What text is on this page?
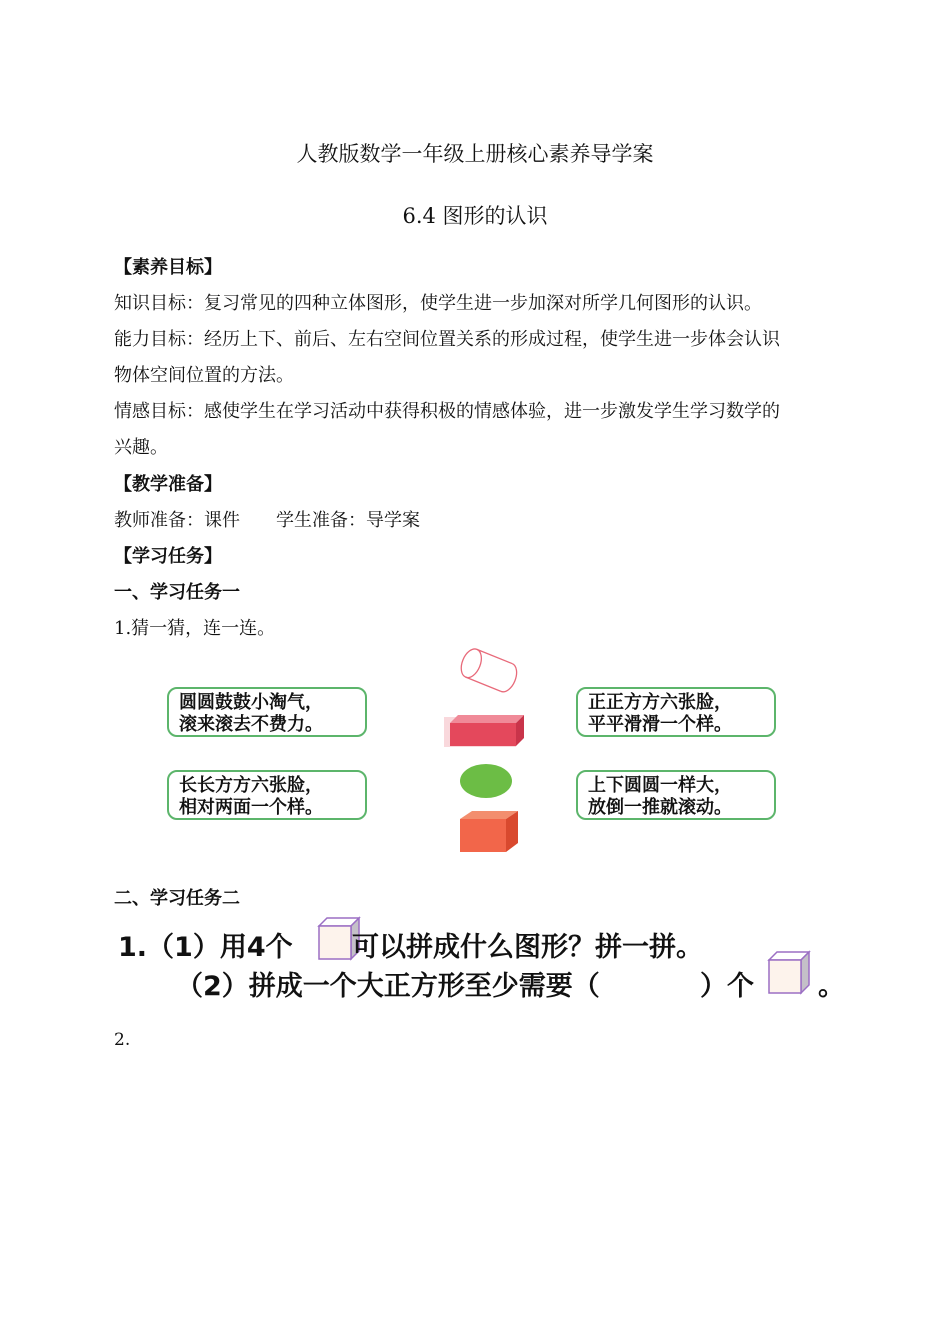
人教版数学一年级上册核心素养导学案
6.4 图形的认识
【素养目标】
知识目标：复习常见的四种立体图形，使学生进一步加深对所学几何图形的认识。
能力目标：经历上下、前后、左右空间位置关系的形成过程，使学生进一步体会认识
物体空间位置的方法。
情感目标：感使学生在学习活动中获得积极的情感体验，进一步激发学生学习数学的
兴趣。
【教学准备】
教师准备：课件 学生准备：导学案
【学习任务】
一、学习任务一
1.猜一猜，连一连。
圆圆鼓鼓小淘气，
滚来滚去不费力。
长长方方六张脸，
相对两面一个样。
正正方方六张脸，
平平滑滑一个样。
上下圆圆一样大，
放倒一推就滚动。
二、学习任务二
1.（1）用4个 可以拼成什么图形？拼一拼。
（2）拼成一个大正方形至少需要（	）个 。
2.
